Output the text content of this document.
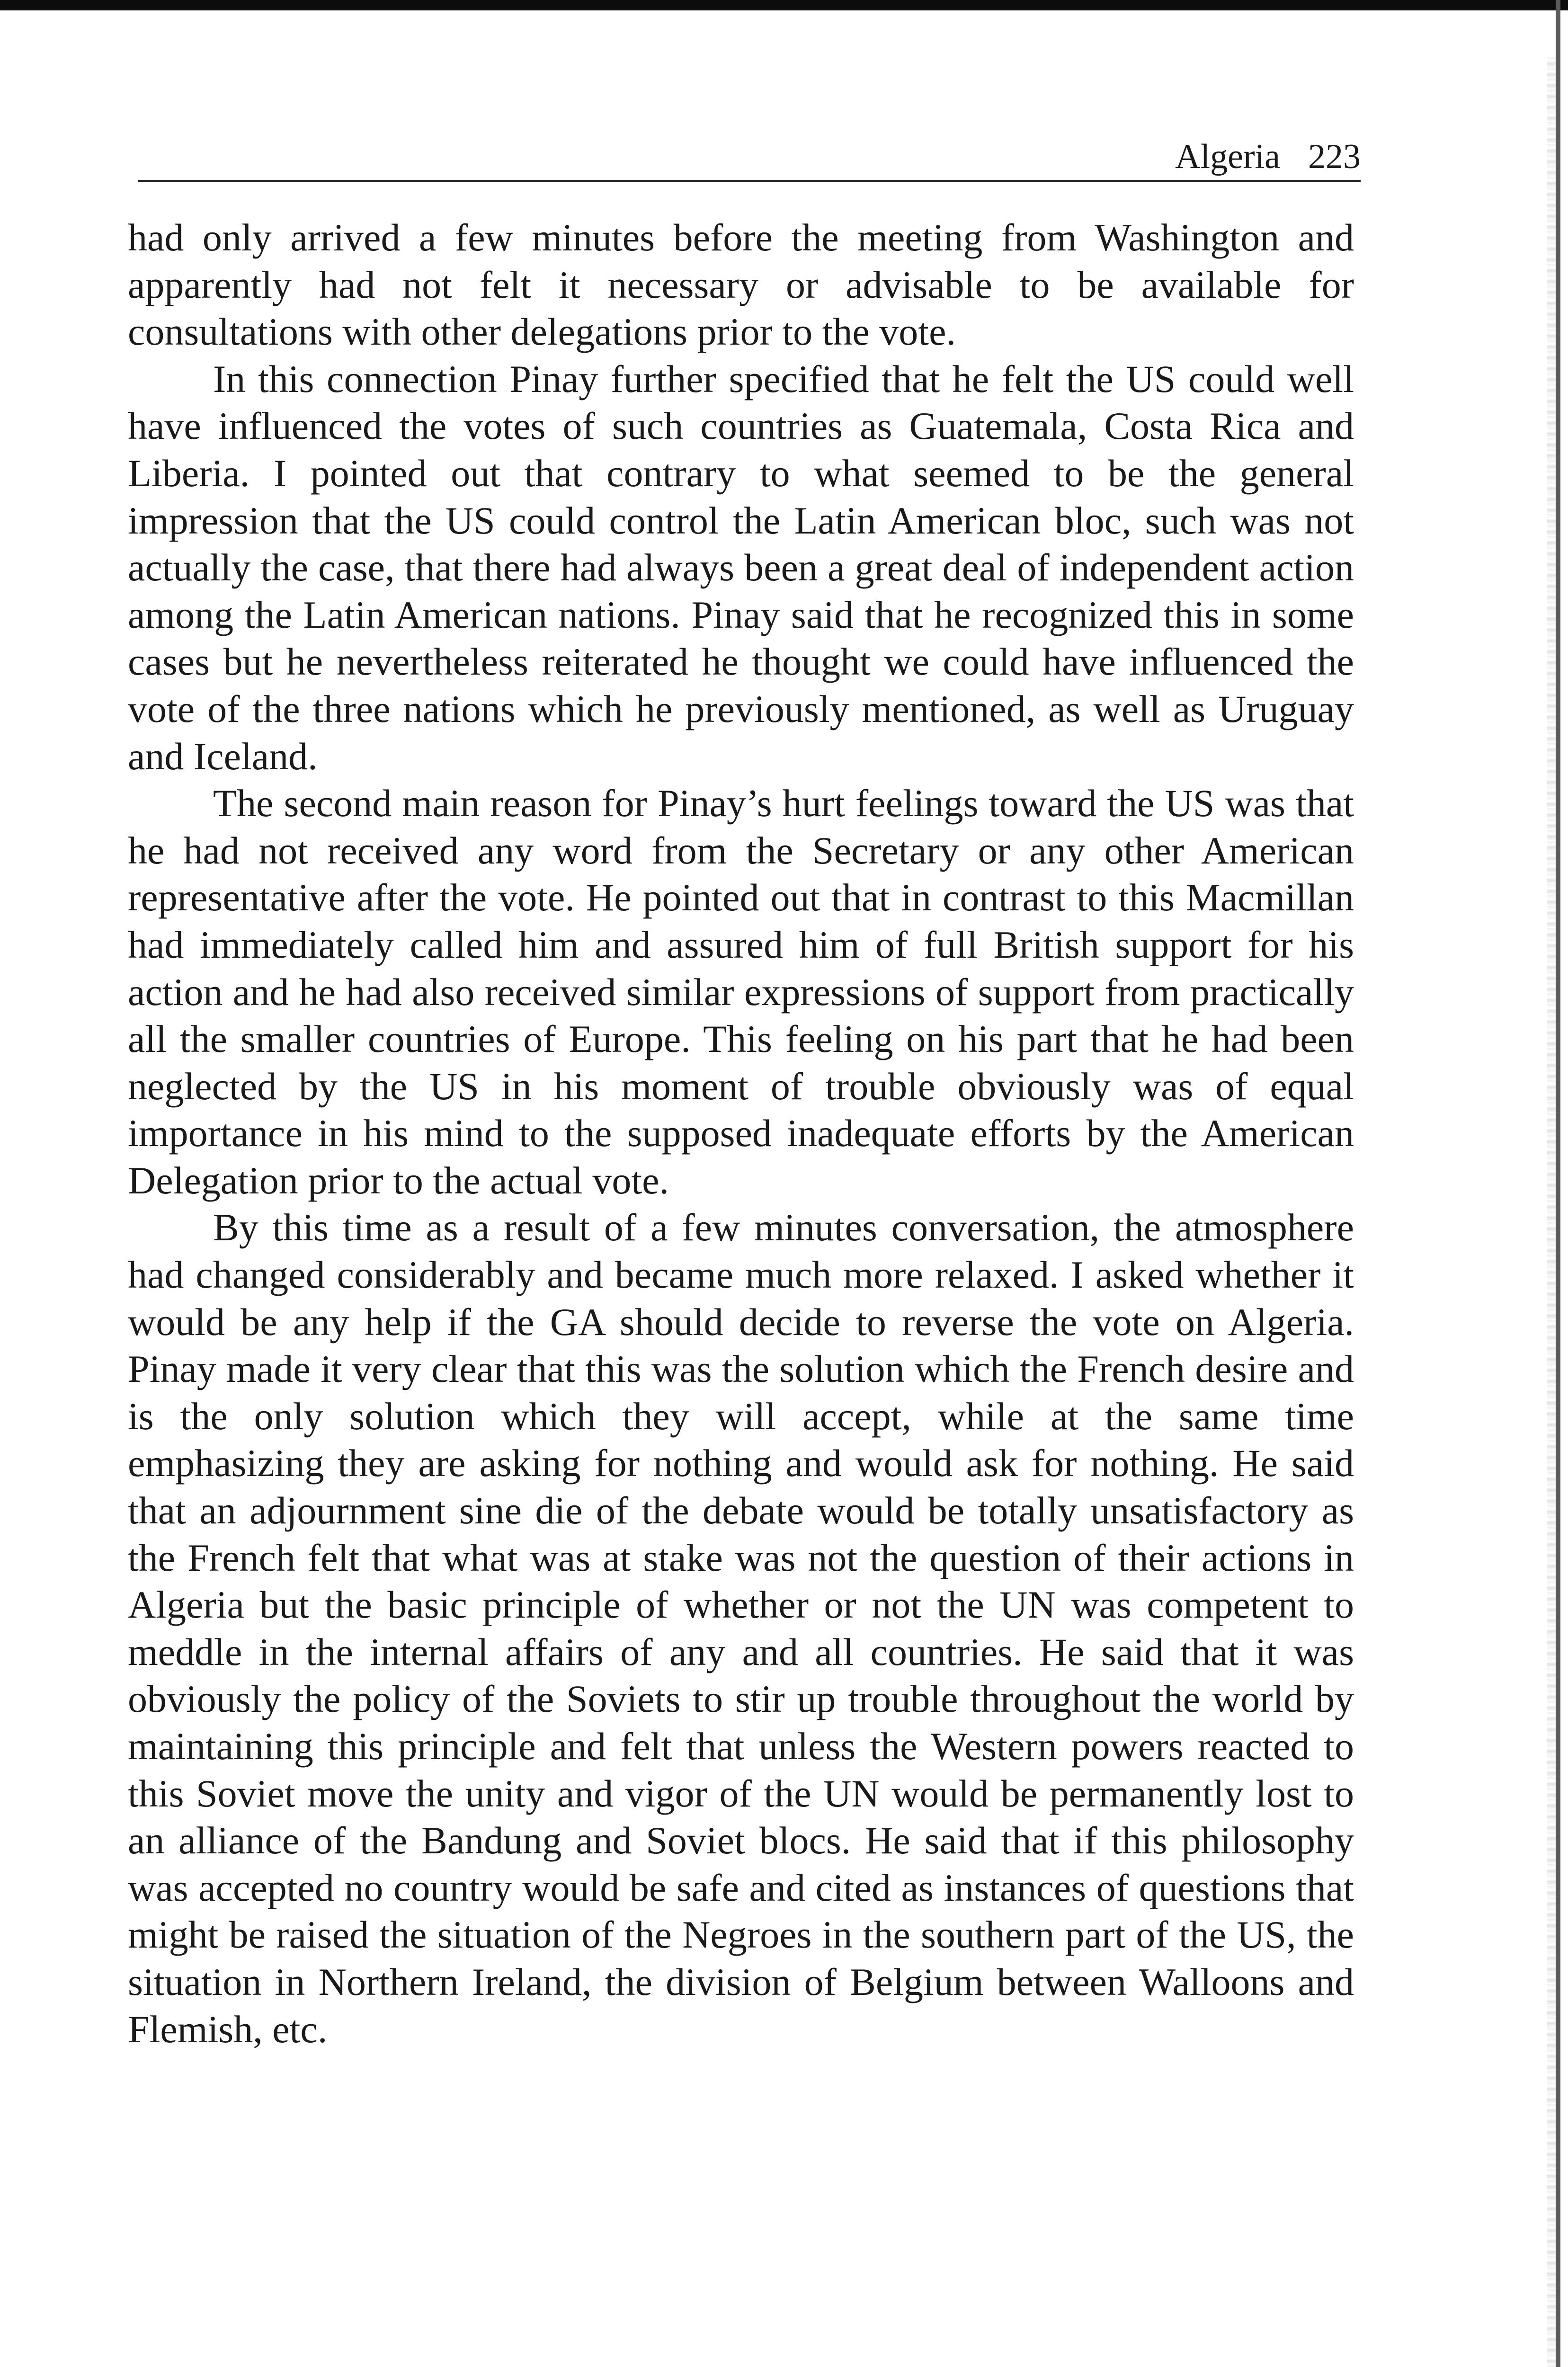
Algeria 223

had only arrived a few minutes before the meeting from Washington and apparently had not felt it necessary or advisable to be available for consultations with other delegations prior to the vote.

In this connection Pinay further specified that he felt the US could well have influenced the votes of such countries as Guatemala, Costa Rica and Liberia. I pointed out that contrary to what seemed to be the general impression that the US could control the Latin American bloc, such was not actually the case, that there had always been a great deal of independent action among the Latin American nations. Pinay said that he recognized this in some cases but he nevertheless reiterated he thought we could have influenced the vote of the three nations which he previously mentioned, as well as Uruguay and Iceland.

The second main reason for Pinay’s hurt feelings toward the US was that he had not received any word from the Secretary or any other American representative after the vote. He pointed out that in contrast to this Macmillan had immediately called him and assured him of full British support for his action and he had also received similar expressions of support from practically all the smaller countries of Europe. This feeling on his part that he had been neglected by the US in his moment of trouble obviously was of equal importance in his mind to the supposed inadequate efforts by the American Delegation prior to the actual vote.

By this time as a result of a few minutes conversation, the atmosphere had changed considerably and became much more relaxed. I asked whether it would be any help if the GA should decide to reverse the vote on Algeria. Pinay made it very clear that this was the solution which the French desire and is the only solution which they will accept, while at the same time emphasizing they are asking for nothing and would ask for nothing. He said that an adjournment sine die of the debate would be totally unsatisfactory as the French felt that what was at stake was not the question of their actions in Algeria but the basic principle of whether or not the UN was competent to meddle in the internal affairs of any and all countries. He said that it was obviously the policy of the Soviets to stir up trouble throughout the world by maintaining this principle and felt that unless the Western powers reacted to this Soviet move the unity and vigor of the UN would be permanently lost to an alliance of the Bandung and Soviet blocs. He said that if this philosophy was accepted no country would be safe and cited as instances of questions that might be raised the situation of the Negroes in the southern part of the US, the situation in Northern Ireland, the division of Belgium between Walloons and Flemish, etc.
